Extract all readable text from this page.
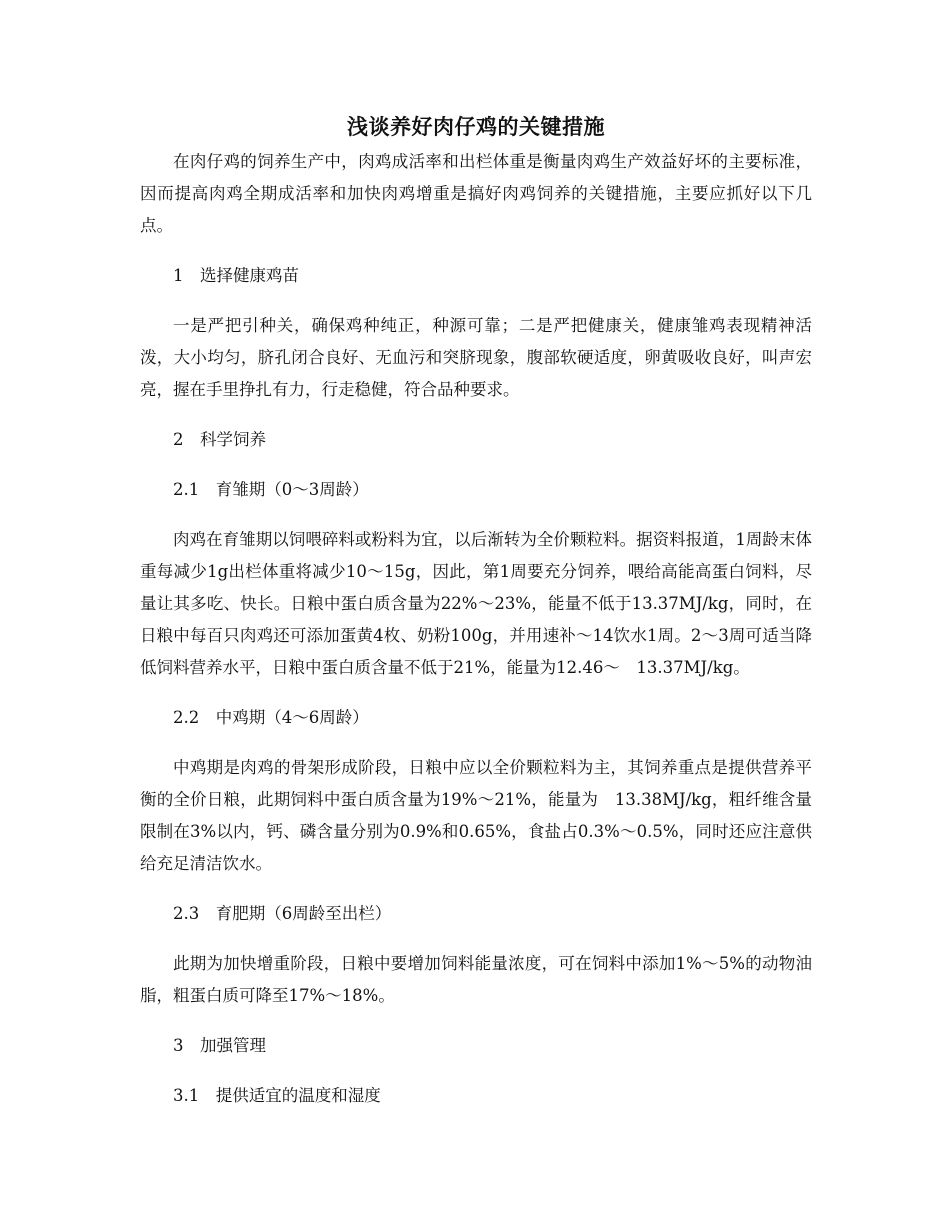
浅谈养好肉仔鸡的关键措施

在肉仔鸡的饲养生产中，肉鸡成活率和出栏体重是衡量肉鸡生产效益好坏的主要标准，因而提高肉鸡全期成活率和加快肉鸡增重是搞好肉鸡饲养的关键措施，主要应抓好以下几点。

1　选择健康鸡苗

一是严把引种关，确保鸡种纯正，种源可靠；二是严把健康关，健康雏鸡表现精神活泼，大小均匀，脐孔闭合良好、无血污和突脐现象，腹部软硬适度，卵黄吸收良好，叫声宏亮，握在手里挣扎有力，行走稳健，符合品种要求。

2　科学饲养

2.1　育雏期（0～3周龄）

肉鸡在育雏期以饲喂碎料或粉料为宜，以后渐转为全价颗粒料。据资料报道，1周龄末体重每减少1g出栏体重将减少10～15g，因此，第1周要充分饲养，喂给高能高蛋白饲料，尽量让其多吃、快长。日粮中蛋白质含量为22%～23%，能量不低于13.37MJ/kg，同时，在日粮中每百只肉鸡还可添加蛋黄4枚、奶粉100g，并用速补～14饮水1周。2～3周可适当降低饲料营养水平，日粮中蛋白质含量不低于21%，能量为12.46～　13.37MJ/kg。

2.2　中鸡期（4～6周龄）

中鸡期是肉鸡的骨架形成阶段，日粮中应以全价颗粒料为主，其饲养重点是提供营养平衡的全价日粮，此期饲料中蛋白质含量为19%～21%，能量为　13.38MJ/kg，粗纤维含量限制在3%以内，钙、磷含量分别为0.9%和0.65%，食盐占0.3%～0.5%，同时还应注意供给充足清洁饮水。

2.3　育肥期（6周龄至出栏）

此期为加快增重阶段，日粮中要增加饲料能量浓度，可在饲料中添加1%～5%的动物油脂，粗蛋白质可降至17%～18%。

3　加强管理

3.1　提供适宜的温度和湿度
